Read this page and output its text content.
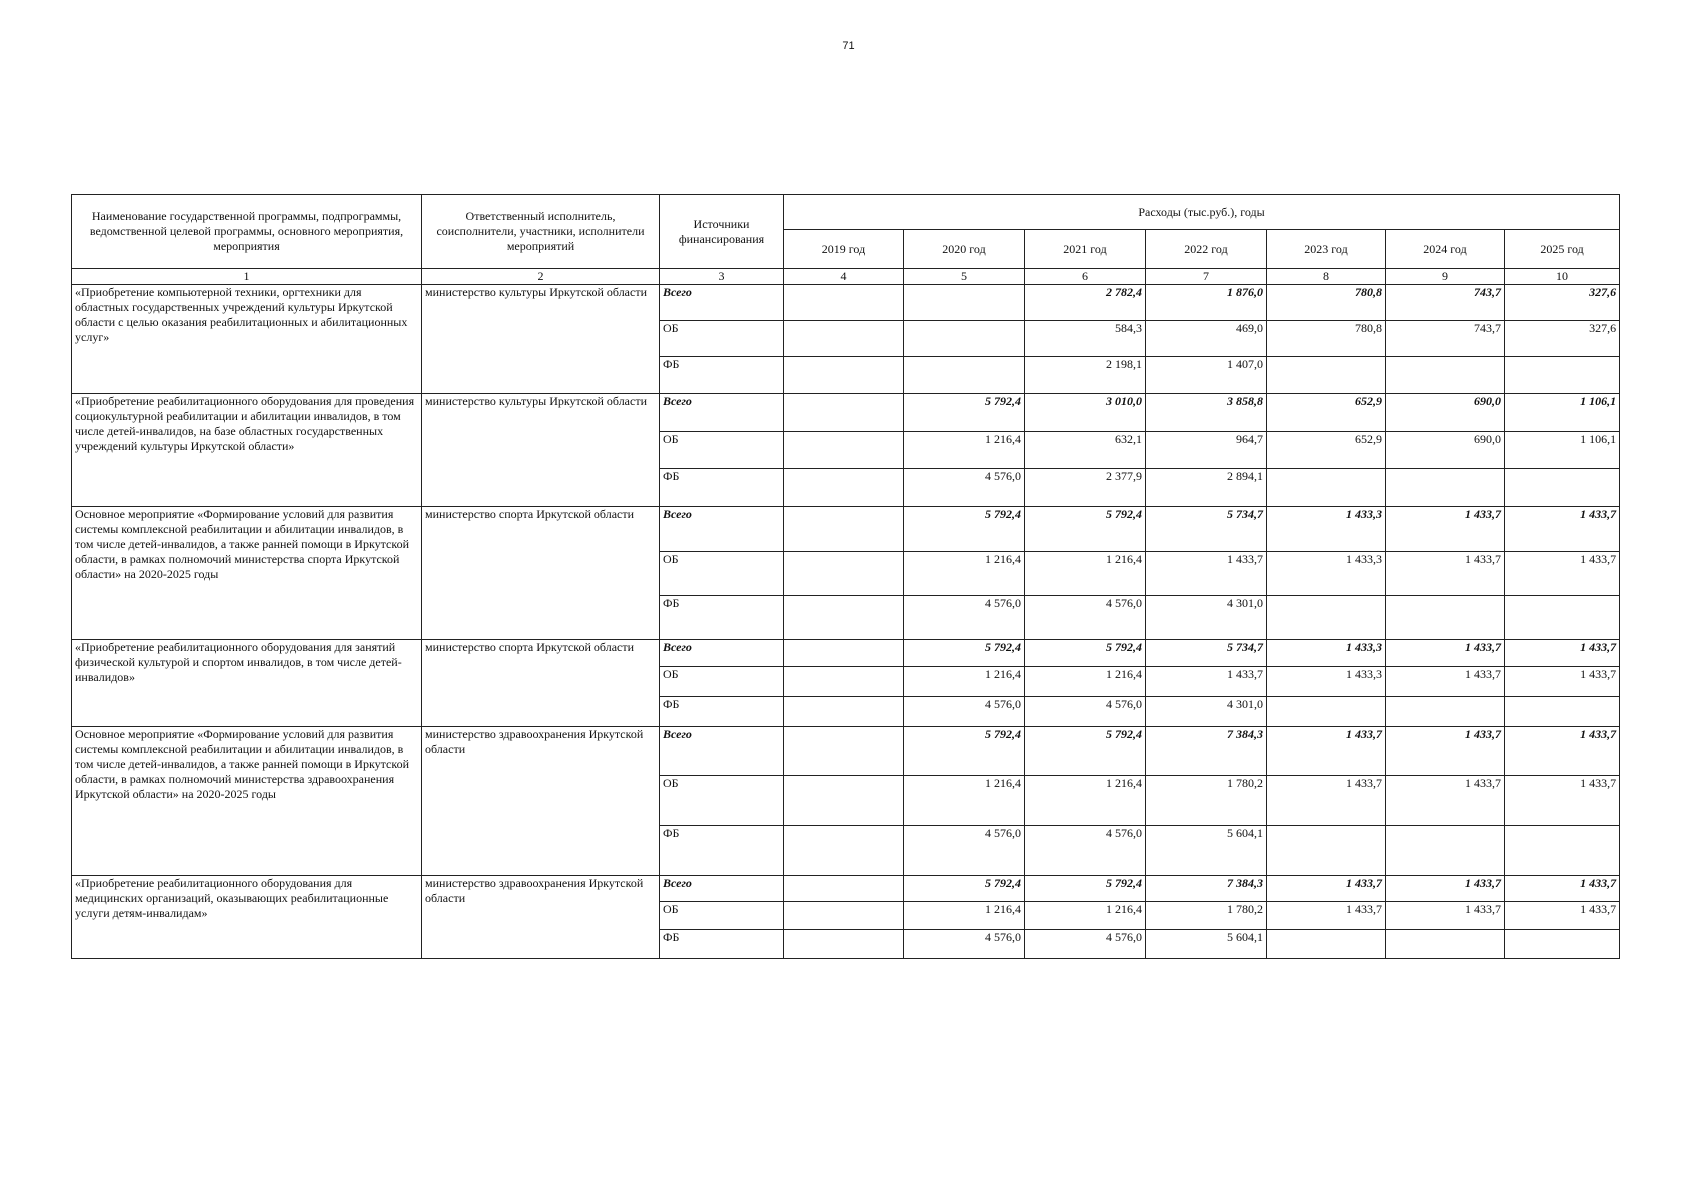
71
Наименование государственной программы, подпрограммы, ведомственной целевой программы, основного мероприятия, мероприятия	Ответственный исполнитель, соисполнители, участники, исполнители мероприятий	Источники финансирования	Расходы (тыс.руб.), годы						
			2019 год	2020 год	2021 год	2022 год	2023 год	2024 год	2025 год
1	2	3	4	5	6	7	8	9	10
«Приобретение компьютерной техники, оргтехники для областных государственных учреждений культуры Иркутской области с целью оказания реабилитационных и абилитационных услуг»	министерство культуры Иркутской области	Всего			2 782,4	1 876,0	780,8	743,7	327,6
		ОБ			584,3	469,0	780,8	743,7	327,6
		ФБ			2 198,1	1 407,0			
«Приобретение реабилитационного оборудования для проведения социокультурной реабилитации и абилитации инвалидов, в том числе детей-инвалидов, на базе областных государственных учреждений культуры Иркутской области»	министерство культуры Иркутской области	Всего		5 792,4	3 010,0	3 858,8	652,9	690,0	1 106,1
		ОБ		1 216,4	632,1	964,7	652,9	690,0	1 106,1
		ФБ		4 576,0	2 377,9	2 894,1			
Основное мероприятие «Формирование условий для развития системы комплексной реабилитации и абилитации инвалидов, в том числе детей-инвалидов, а также ранней помощи в Иркутской области, в рамках полномочий министерства спорта Иркутской области» на 2020-2025 годы	министерство спорта Иркутской области	Всего		5 792,4	5 792,4	5 734,7	1 433,3	1 433,7	1 433,7
		ОБ		1 216,4	1 216,4	1 433,7	1 433,3	1 433,7	1 433,7
		ФБ		4 576,0	4 576,0	4 301,0			
«Приобретение реабилитационного оборудования для занятий физической культурой и спортом инвалидов, в том числе детей-инвалидов»	министерство спорта Иркутской области	Всего		5 792,4	5 792,4	5 734,7	1 433,3	1 433,7	1 433,7
		ОБ		1 216,4	1 216,4	1 433,7	1 433,3	1 433,7	1 433,7
		ФБ		4 576,0	4 576,0	4 301,0			
Основное мероприятие «Формирование условий для развития системы комплексной реабилитации и абилитации инвалидов, в том числе детей-инвалидов, а также ранней помощи в Иркутской области, в рамках полномочий министерства здравоохранения Иркутской области» на 2020-2025 годы	министерство здравоохранения Иркутской области	Всего		5 792,4	5 792,4	7 384,3	1 433,7	1 433,7	1 433,7
		ОБ		1 216,4	1 216,4	1 780,2	1 433,7	1 433,7	1 433,7
		ФБ		4 576,0	4 576,0	5 604,1			
«Приобретение реабилитационного оборудования для медицинских организаций, оказывающих реабилитационные услуги детям-инвалидам»	министерство здравоохранения Иркутской области	Всего		5 792,4	5 792,4	7 384,3	1 433,7	1 433,7	1 433,7
		ОБ		1 216,4	1 216,4	1 780,2	1 433,7	1 433,7	1 433,7
		ФБ		4 576,0	4 576,0	5 604,1			
